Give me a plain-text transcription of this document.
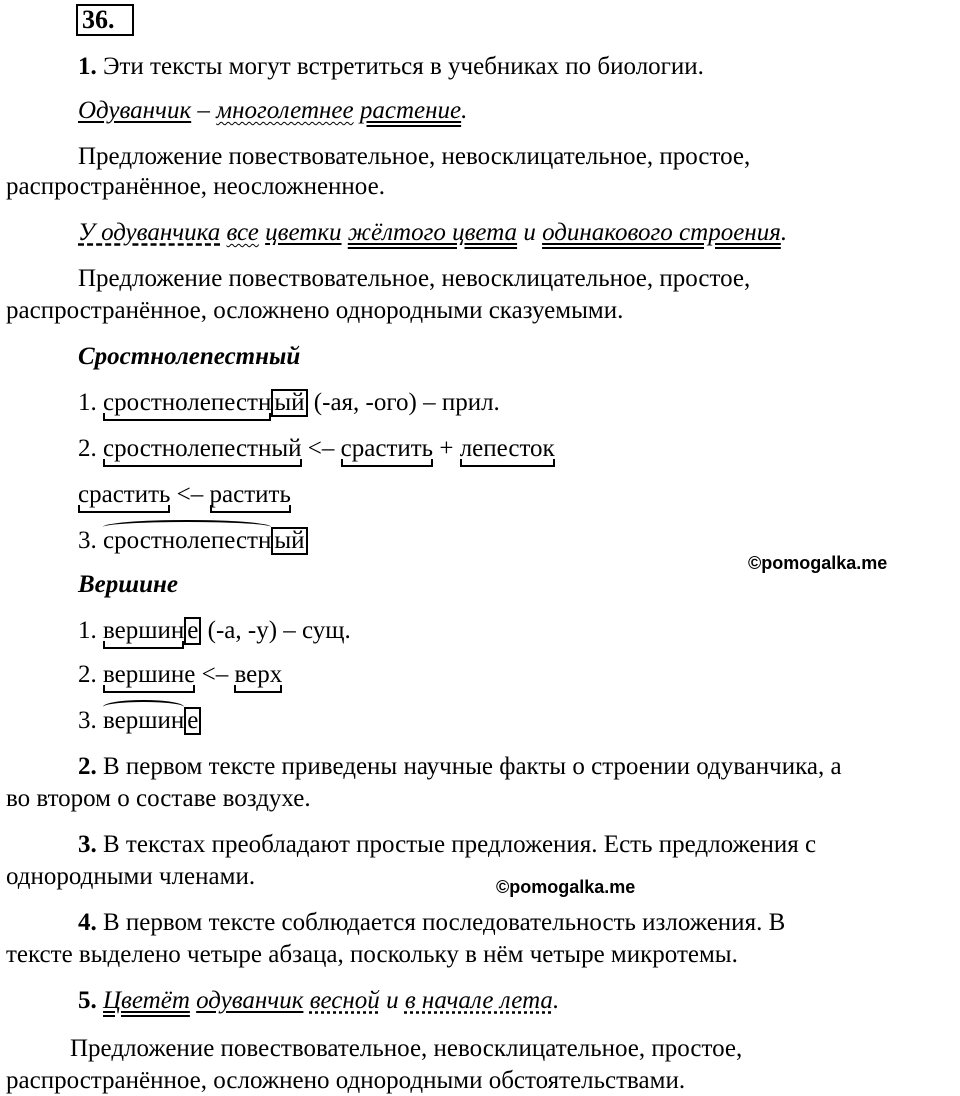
36.
1. Эти тексты могут встретиться в учебниках по биологии.
Одуванчик – многолетнее растение.
Предложение повествовательное, невосклицательное, простое,
распространённое, неосложненное.
У одуванчика все цветки жёлтого цвета и одинакового строения.
Предложение повествовательное, невосклицательное, простое,
распространённое, осложнено однородными сказуемыми.
Сростнолепестный
1. сростнолепестн ый (-ая, -ого) – прил.
2. сростнолепестный <– срастить + лепесток
срастить <– растить
3. сростнолепестн ый
©pomogalka.me
Вершине
1. вершин е (-а, -у) – сущ.
2. вершине <– верх
3. вершин е
2. В первом тексте приведены научные факты о строении одуванчика, а
во втором о составе воздухе.
3. В текстах преобладают простые предложения. Есть предложения с
однородными членами.	©pomogalka.me
4. В первом тексте соблюдается последовательность изложения. В
тексте выделено четыре абзаца, поскольку в нём четыре микротемы.
5. Цветёт одуванчик весной и в начале лета.
Предложение повествовательное, невосклицательное, простое,
распространённое, осложнено однородными обстоятельствами.
